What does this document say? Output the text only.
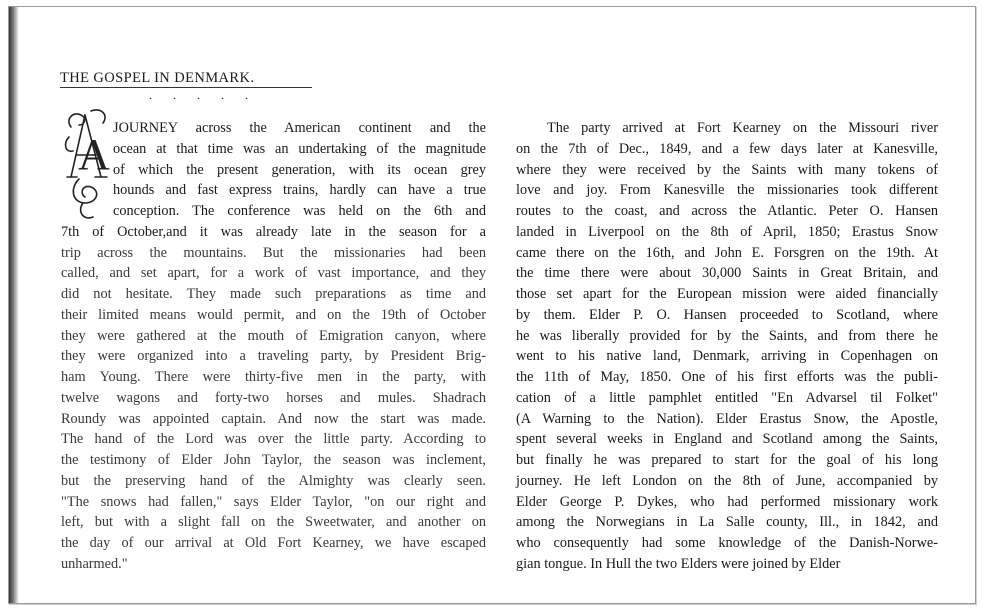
THE GOSPEL IN DENMARK.
. . . . .
A
JOURNEY across the American continent and the
ocean at that time was an undertaking of the magnitude
of which the present generation, with its ocean grey
hounds and fast express trains, hardly can have a true
conception. The conference was held on the 6th and
7th of October,and it was already late in the season for a
trip across the mountains. But the missionaries had been
called, and set apart, for a work of vast importance, and they
did not hesitate. They made such preparations as time and
their limited means would permit, and on the 19th of October
they were gathered at the mouth of Emigration canyon, where
they were organized into a traveling party, by President Brig-
ham Young. There were thirty-five men in the party, with
twelve wagons and forty-two horses and mules. Shadrach
Roundy was appointed captain. And now the start was made.
The hand of the Lord was over the little party. According to
the testimony of Elder John Taylor, the season was inclement,
but the preserving hand of the Almighty was clearly seen.
"The snows had fallen," says Elder Taylor, "on our right and
left, but with a slight fall on the Sweetwater, and another on
the day of our arrival at Old Fort Kearney, we have escaped
unharmed."
The party arrived at Fort Kearney on the Missouri river
on the 7th of Dec., 1849, and a few days later at Kanesville,
where they were received by the Saints with many tokens of
love and joy. From Kanesville the missionaries took different
routes to the coast, and across the Atlantic. Peter O. Hansen
landed in Liverpool on the 8th of April, 1850; Erastus Snow
came there on the 16th, and John E. Forsgren on the 19th. At
the time there were about 30,000 Saints in Great Britain, and
those set apart for the European mission were aided financially
by them. Elder P. O. Hansen proceeded to Scotland, where
he was liberally provided for by the Saints, and from there he
went to his native land, Denmark, arriving in Copenhagen on
the 11th of May, 1850. One of his first efforts was the publi-
cation of a little pamphlet entitled "En Advarsel til Folket"
(A Warning to the Nation). Elder Erastus Snow, the Apostle,
spent several weeks in England and Scotland among the Saints,
but finally he was prepared to start for the goal of his long
journey. He left London on the 8th of June, accompanied by
Elder George P. Dykes, who had performed missionary work
among the Norwegians in La Salle county, Ill., in 1842, and
who consequently had some knowledge of the Danish-Norwe-
gian tongue. In Hull the two Elders were joined by Elder
